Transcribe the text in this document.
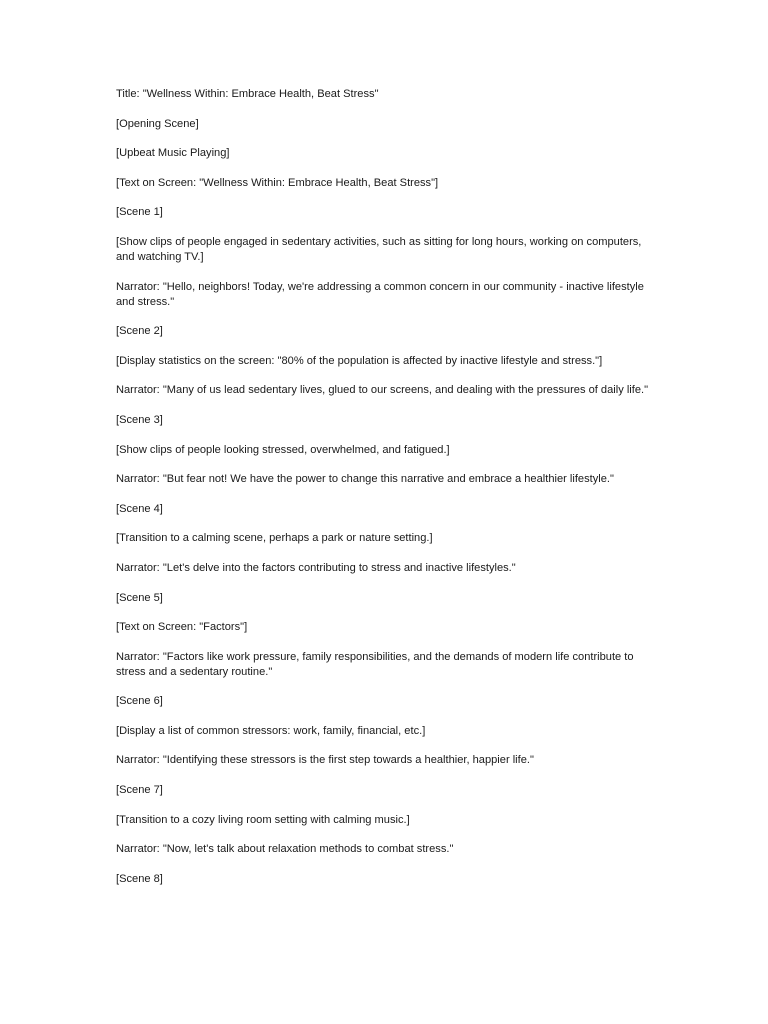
Title: "Wellness Within: Embrace Health, Beat Stress"
[Opening Scene]
[Upbeat Music Playing]
[Text on Screen: "Wellness Within: Embrace Health, Beat Stress"]
[Scene 1]
[Show clips of people engaged in sedentary activities, such as sitting for long hours, working on computers, and watching TV.]
Narrator: "Hello, neighbors! Today, we're addressing a common concern in our community - inactive lifestyle and stress."
[Scene 2]
[Display statistics on the screen: "80% of the population is affected by inactive lifestyle and stress."]
Narrator: "Many of us lead sedentary lives, glued to our screens, and dealing with the pressures of daily life."
[Scene 3]
[Show clips of people looking stressed, overwhelmed, and fatigued.]
Narrator: "But fear not! We have the power to change this narrative and embrace a healthier lifestyle."
[Scene 4]
[Transition to a calming scene, perhaps a park or nature setting.]
Narrator: "Let's delve into the factors contributing to stress and inactive lifestyles."
[Scene 5]
[Text on Screen: "Factors"]
Narrator: "Factors like work pressure, family responsibilities, and the demands of modern life contribute to stress and a sedentary routine."
[Scene 6]
[Display a list of common stressors: work, family, financial, etc.]
Narrator: "Identifying these stressors is the first step towards a healthier, happier life."
[Scene 7]
[Transition to a cozy living room setting with calming music.]
Narrator: "Now, let's talk about relaxation methods to combat stress."
[Scene 8]
